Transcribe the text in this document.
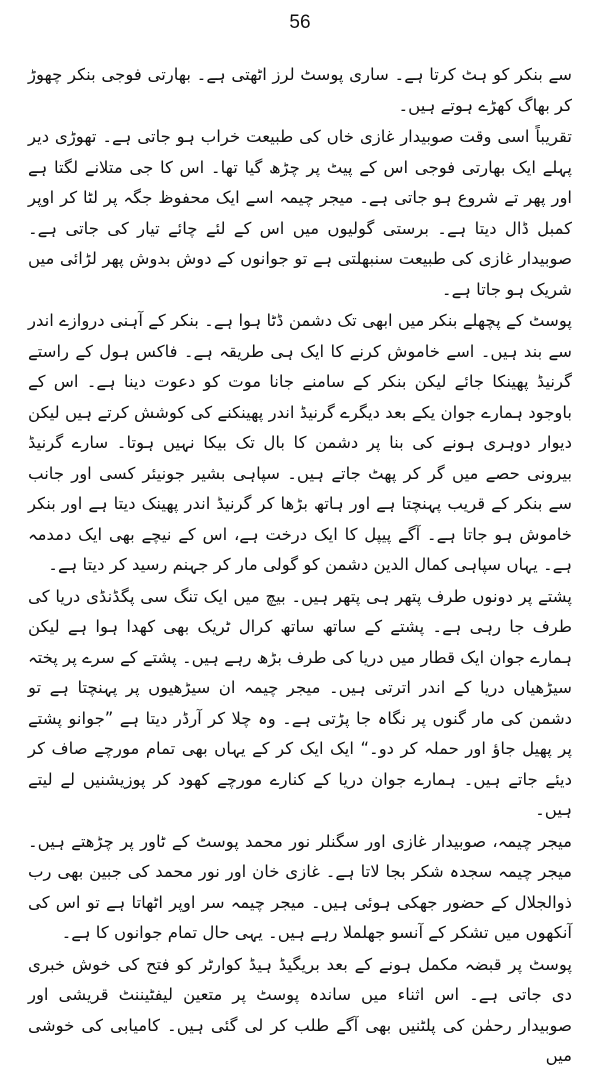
56

سے بنکر کو ہٹ کرتا ہے۔ ساری پوسٹ لرز اٹھتی ہے۔ بھارتی فوجی بنکر چھوڑ کر بھاگ کھڑے ہوتے ہیں۔

تقریباً اسی وقت صوبیدار غازی خاں کی طبیعت خراب ہو جاتی ہے۔ تھوڑی دیر پہلے ایک بھارتی فوجی اس کے پیٹ پر چڑھ گیا تھا۔ اس کا جی متلانے لگتا ہے اور پھر تے شروع ہو جاتی ہے۔ میجر چیمہ اسے ایک محفوظ جگہ پر لٹا کر اوپر کمبل ڈال دیتا ہے۔ برستی گولیوں میں اس کے لئے چائے تیار کی جاتی ہے۔ صوبیدار غازی کی طبیعت سنبھلتی ہے تو جوانوں کے دوش بدوش پھر لڑائی میں شریک ہو جاتا ہے۔

پوسٹ کے پچھلے بنکر میں ابھی تک دشمن ڈٹا ہوا ہے۔ بنکر کے آہنی دروازے اندر سے بند ہیں۔ اسے خاموش کرنے کا ایک ہی طریقہ ہے۔ فاکس ہول کے راستے گرنیڈ پھینکا جائے لیکن بنکر کے سامنے جانا موت کو دعوت دینا ہے۔ اس کے باوجود ہمارے جوان یکے بعد دیگرے گرنیڈ اندر پھینکنے کی کوشش کرتے ہیں لیکن دیوار دوہری ہونے کی بنا پر دشمن کا بال تک بیکا نہیں ہوتا۔ سارے گرنیڈ بیرونی حصے میں گر کر پھٹ جاتے ہیں۔ سپاہی بشیر جونیئر کسی اور جانب سے بنکر کے قریب پہنچتا ہے اور ہاتھ بڑھا کر گرنیڈ اندر پھینک دیتا ہے اور بنکر خاموش ہو جاتا ہے۔ آگے پیپل کا ایک درخت ہے، اس کے نیچے بھی ایک دمدمہ ہے۔ یہاں سپاہی کمال الدین دشمن کو گولی مار کر جہنم رسید کر دیتا ہے۔

پشتے پر دونوں طرف پتھر ہی پتھر ہیں۔ بیچ میں ایک تنگ سی پگڈنڈی دریا کی طرف جا رہی ہے۔ پشتے کے ساتھ ساتھ کرال ٹریک بھی کھدا ہوا ہے لیکن ہمارے جوان ایک قطار میں دریا کی طرف بڑھ رہے ہیں۔ پشتے کے سرے پر پختہ سیڑھیاں دریا کے اندر اترتی ہیں۔ میجر چیمہ ان سیڑھیوں پر پہنچتا ہے تو دشمن کی مار گنوں پر نگاہ جا پڑتی ہے۔ وہ چلا کر آرڈر دیتا ہے ”جوانو پشتے پر پھیل جاؤ اور حملہ کر دو۔“ ایک ایک کر کے یہاں بھی تمام مورچے صاف کر دیئے جاتے ہیں۔ ہمارے جوان دریا کے کنارے مورچے کھود کر پوزیشنیں لے لیتے ہیں۔

میجر چیمہ، صوبیدار غازی اور سگنلر نور محمد پوسٹ کے ٹاور پر چڑھتے ہیں۔ میجر چیمہ سجدہ شکر بجا لاتا ہے۔ غازی خان اور نور محمد کی جبین بھی رب ذوالجلال کے حضور جھکی ہوئی ہیں۔ میجر چیمہ سر اوپر اٹھاتا ہے تو اس کی آنکھوں میں تشکر کے آنسو جھلملا رہے ہیں۔ یہی حال تمام جوانوں کا ہے۔

پوسٹ پر قبضہ مکمل ہونے کے بعد بریگیڈ ہیڈ کوارٹر کو فتح کی خوش خبری دی جاتی ہے۔ اس اثناء میں ساندہ پوسٹ پر متعین لیفٹیننٹ قریشی اور صوبیدار رحمٰن کی پلٹنیں بھی آگے طلب کر لی گئی ہیں۔ کامیابی کی خوشی میں
